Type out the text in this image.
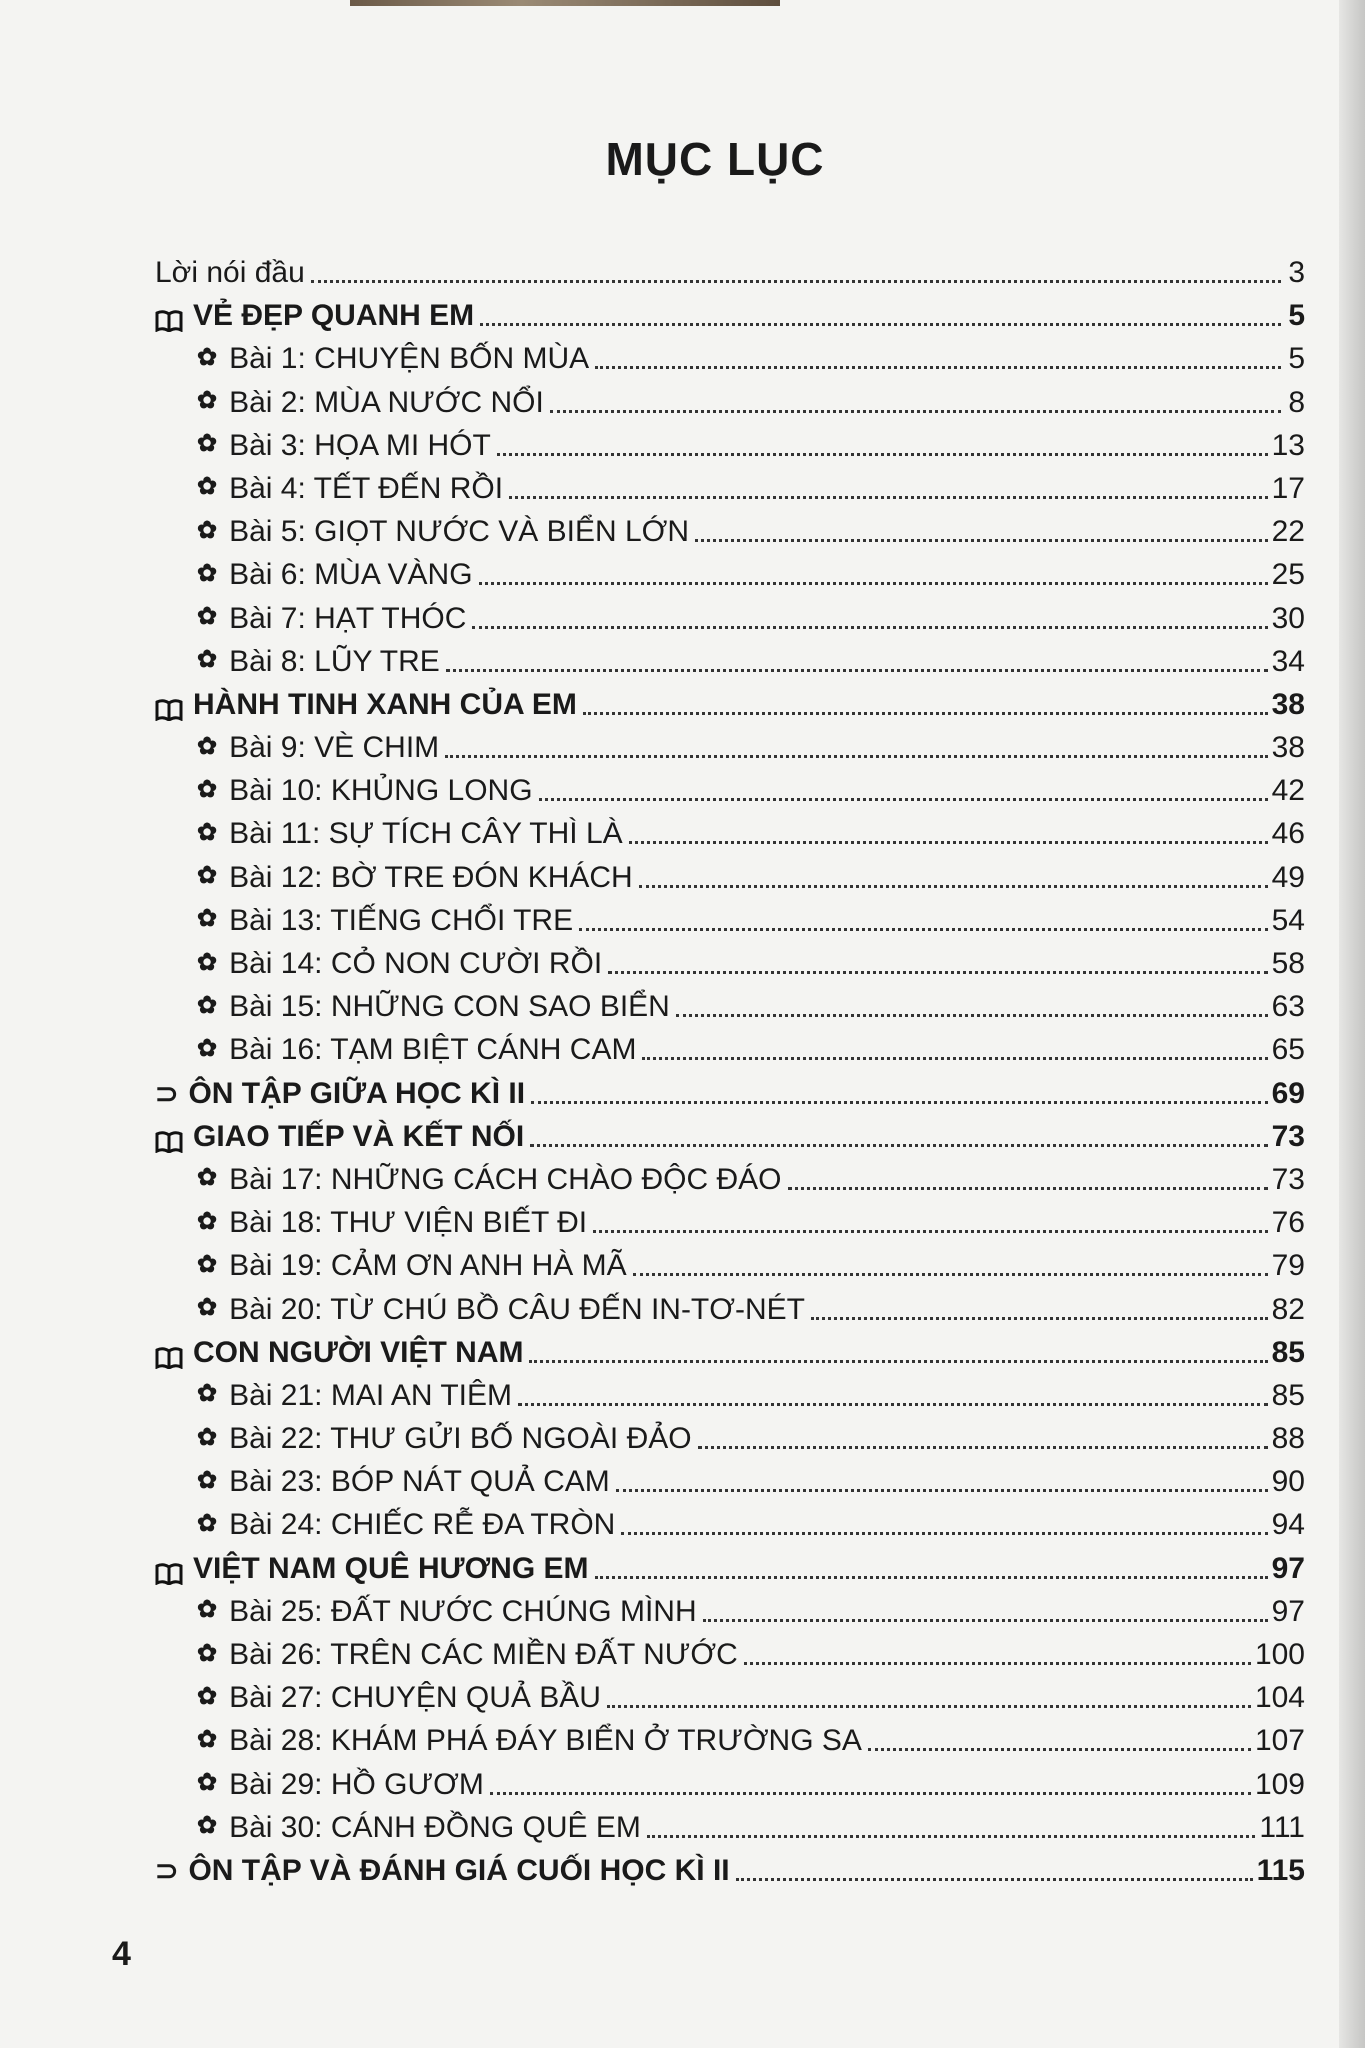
MỤC LỤC
Lời nói đầu	3
VẺ ĐẸP QUANH EM	5
✿ Bài 1: CHUYỆN BỐN MÙA	5
✿ Bài 2: MÙA NƯỚC NỔI	8
✿ Bài 3: HỌA MI HÓT	13
✿ Bài 4: TẾT ĐẾN RỒI	17
✿ Bài 5: GIỌT NƯỚC VÀ BIỂN LỚN	22
✿ Bài 6: MÙA VÀNG	25
✿ Bài 7: HẠT THÓC	30
✿ Bài 8: LŨY TRE	34
HÀNH TINH XANH CỦA EM	38
✿ Bài 9: VÈ CHIM	38
✿ Bài 10: KHỦNG LONG	42
✿ Bài 11: SỰ TÍCH CÂY THÌ LÀ	46
✿ Bài 12: BỜ TRE ĐÓN KHÁCH	49
✿ Bài 13: TIẾNG CHỔI TRE	54
✿ Bài 14: CỎ NON CƯỜI RỒI	58
✿ Bài 15: NHỮNG CON SAO BIỂN	63
✿ Bài 16: TẠM BIỆT CÁNH CAM	65
⊃ ÔN TẬP GIỮA HỌC KÌ II	69
GIAO TIẾP VÀ KẾT NỐI	73
✿ Bài 17: NHỮNG CÁCH CHÀO ĐỘC ĐÁO	73
✿ Bài 18: THƯ VIỆN BIẾT ĐI	76
✿ Bài 19: CẢM ƠN ANH HÀ MÃ	79
✿ Bài 20: TỪ CHÚ BỒ CÂU ĐẾN IN-TƠ-NÉT	82
CON NGƯỜI VIỆT NAM	85
✿ Bài 21: MAI AN TIÊM	85
✿ Bài 22: THƯ GỬI BỐ NGOÀI ĐẢO	88
✿ Bài 23: BÓP NÁT QUẢ CAM	90
✿ Bài 24: CHIẾC RỄ ĐA TRÒN	94
VIỆT NAM QUÊ HƯƠNG EM	97
✿ Bài 25: ĐẤT NƯỚC CHÚNG MÌNH	97
✿ Bài 26: TRÊN CÁC MIỀN ĐẤT NƯỚC	100
✿ Bài 27: CHUYỆN QUẢ BẦU	104
✿ Bài 28: KHÁM PHÁ ĐÁY BIỂN Ở TRƯỜNG SA	107
✿ Bài 29: HỒ GƯƠM	109
✿ Bài 30: CÁNH ĐỒNG QUÊ EM	111
⊃ ÔN TẬP VÀ ĐÁNH GIÁ CUỐI HỌC KÌ II	115
4
